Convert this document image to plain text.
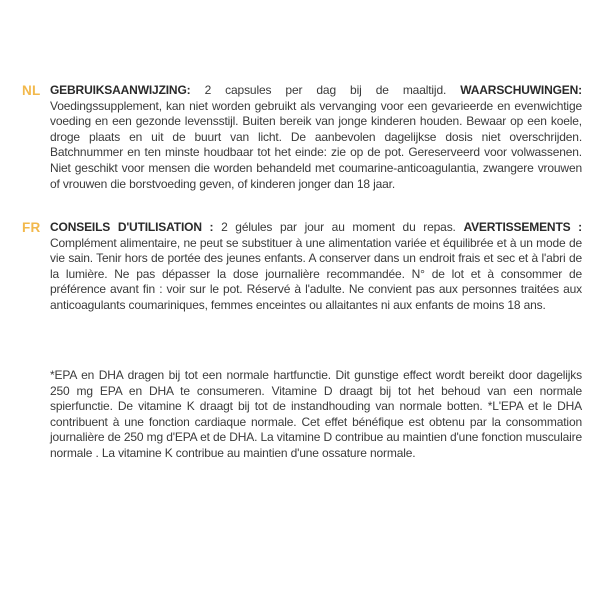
NL GEBRUIKSAANWIJZING: 2 capsules per dag bij de maaltijd. WAARSCHUWINGEN: Voedingssupplement, kan niet worden gebruikt als vervanging voor een gevarieerde en evenwichtige voeding en een gezonde levensstijl. Buiten bereik van jonge kinderen houden. Bewaar op een koele, droge plaats en uit de buurt van licht. De aanbevolen dagelijkse dosis niet overschrijden. Batchnummer en ten minste houdbaar tot het einde: zie op de pot. Gereserveerd voor volwassenen. Niet geschikt voor mensen die worden behandeld met coumarine-anticoagulantia, zwangere vrouwen of vrouwen die borstvoeding geven, of kinderen jonger dan 18 jaar.
FR CONSEILS D'UTILISATION : 2 gélules par jour au moment du repas. AVERTISSEMENTS : Complément alimentaire, ne peut se substituer à une alimentation variée et équilibrée et à un mode de vie sain. Tenir hors de portée des jeunes enfants. A conserver dans un endroit frais et sec et à l'abri de la lumière. Ne pas dépasser la dose journalière recommandée. N° de lot et à consommer de préférence avant fin : voir sur le pot. Réservé à l'adulte. Ne convient pas aux personnes traitées aux anticoagulants coumariniques, femmes enceintes ou allaitantes ni aux enfants de moins 18 ans.
*EPA en DHA dragen bij tot een normale hartfunctie. Dit gunstige effect wordt bereikt door dagelijks 250 mg EPA en DHA te consumeren. Vitamine D draagt bij tot het behoud van een normale spierfunctie. De vitamine K draagt bij tot de instandhouding van normale botten. *L'EPA et le DHA contribuent à une fonction cardiaque normale. Cet effet bénéfique est obtenu par la consommation journalière de 250 mg d'EPA et de DHA. La vitamine D contribue au maintien d'une fonction musculaire normale . La vitamine K contribue au maintien d'une ossature normale.
